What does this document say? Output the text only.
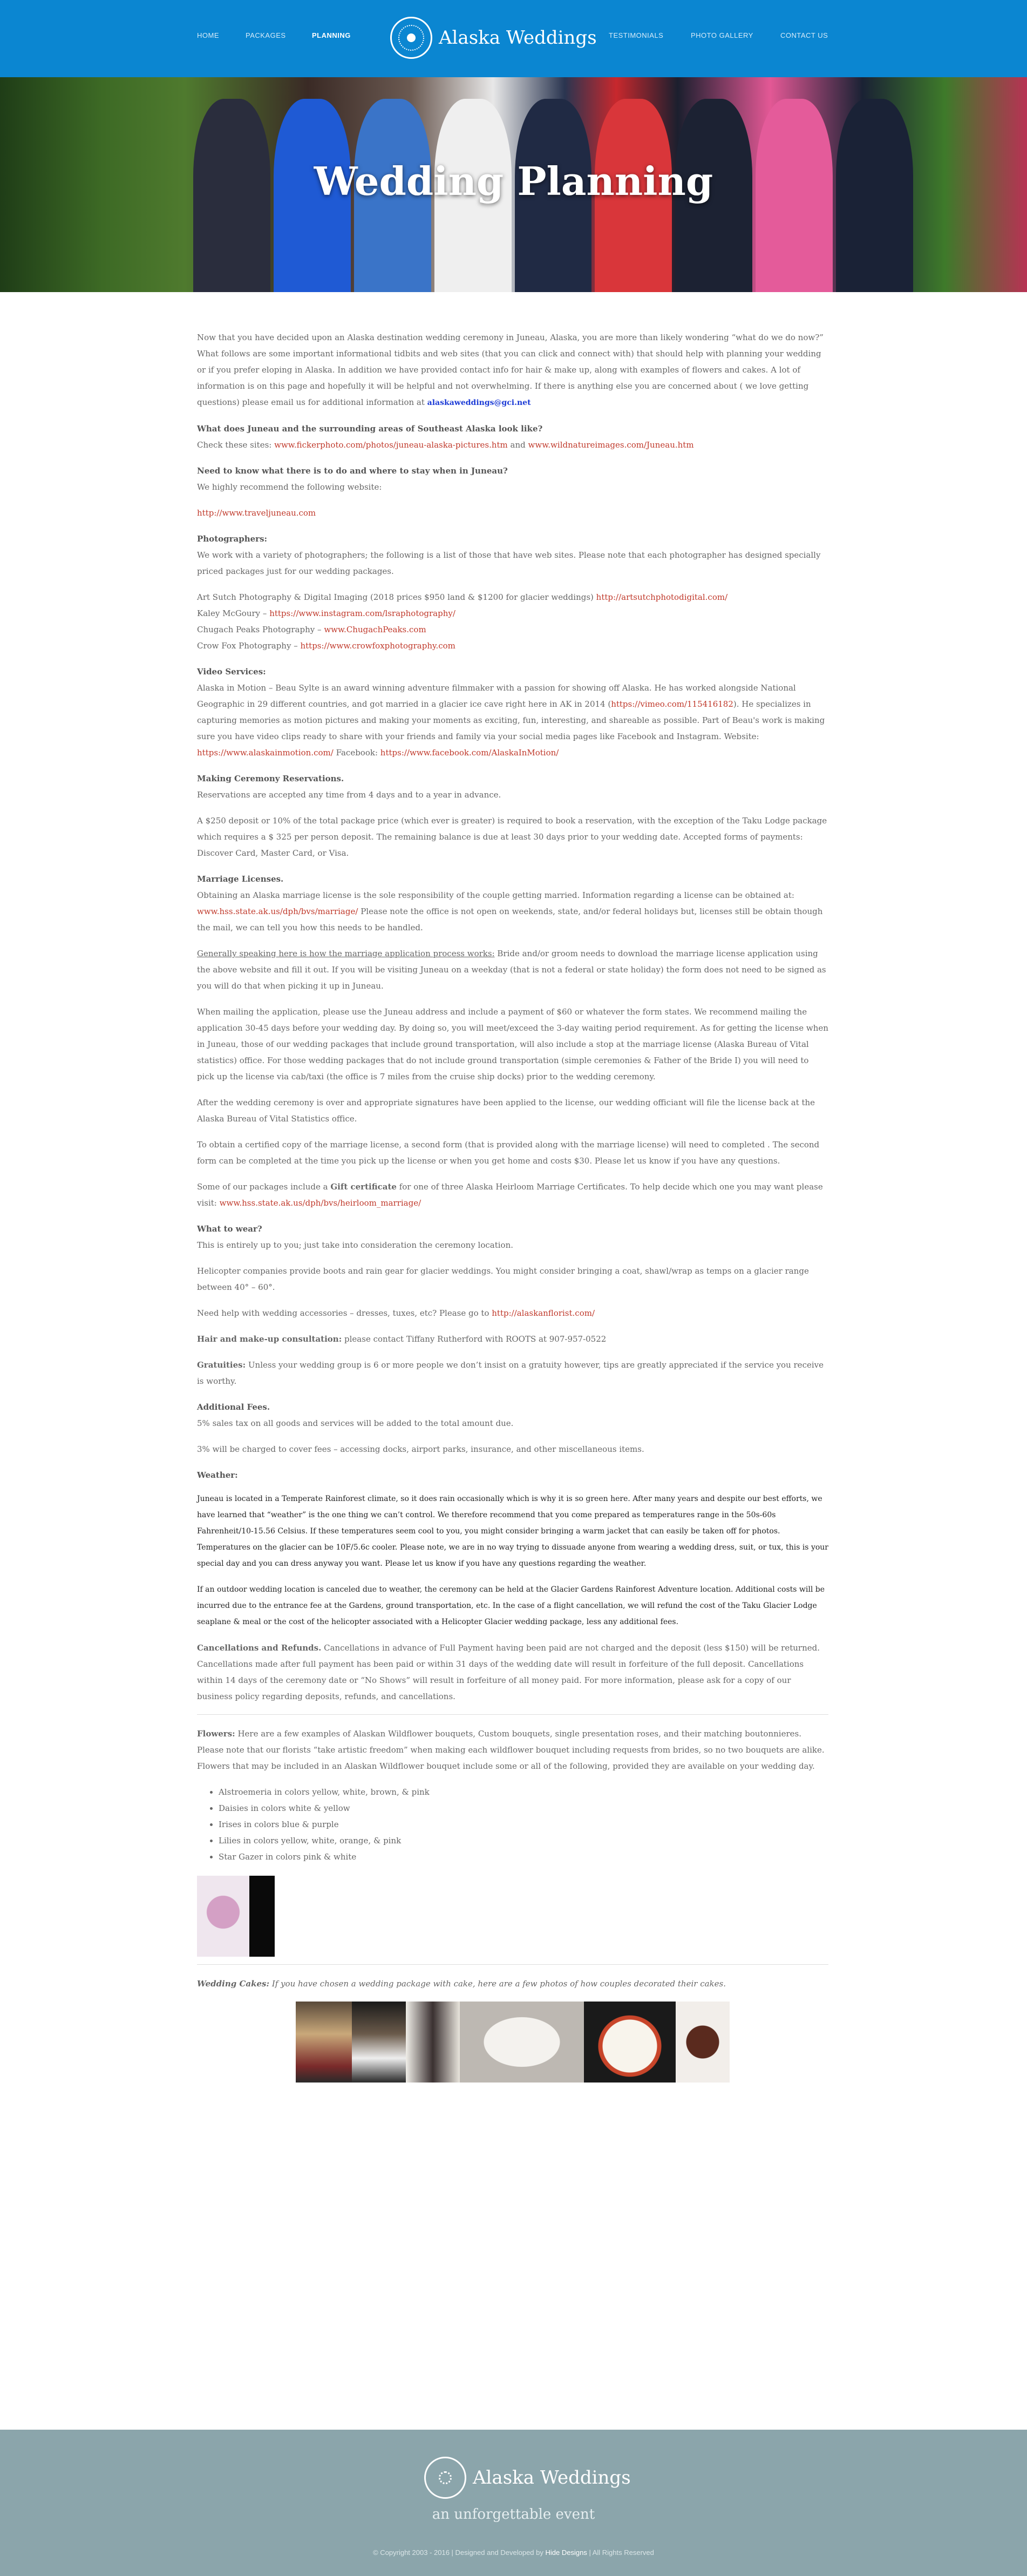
HOME	PACKAGES	PLANNING	TESTIMONIALS	PHOTO GALLERY	CONTACT US
Alaska Weddings
Wedding Planning

Now that you have decided upon an Alaska destination wedding ceremony in Juneau, Alaska, you are more than likely wondering “what do we do now?” What follows are some important informational tidbits and web sites (that you can click and connect with) that should help with planning your wedding or if you prefer eloping in Alaska. In addition we have provided contact info for hair & make up, along with examples of flowers and cakes. A lot of information is on this page and hopefully it will be helpful and not overwhelming. If there is anything else you are concerned about ( we love getting questions) please email us for additional information at alaskaweddings@gci.net

What does Juneau and the surrounding areas of Southeast Alaska look like?

Check these sites: www.fickerphoto.com/photos/juneau-alaska-pictures.htm and www.wildnatureimages.com/Juneau.htm

Need to know what there is to do and where to stay when in Juneau?

We highly recommend the following website:

http://www.traveljuneau.com

Photographers:

We work with a variety of photographers; the following is a list of those that have web sites. Please note that each photographer has designed specially priced packages just for our wedding packages.

Art Sutch Photography & Digital Imaging (2018 prices $950 land & $1200 for glacier weddings) http://artsutchphotodigital.com/

Kaley McGoury – https://www.instagram.com/lsraphotography/

Chugach Peaks Photography – www.ChugachPeaks.com

Crow Fox Photography – https://www.crowfoxphotography.com

Video Services:

Alaska in Motion – Beau Sylte is an award winning adventure filmmaker with a passion for showing off Alaska. He has worked alongside National Geographic in 29 different countries, and got married in a glacier ice cave right here in AK in 2014 (https://vimeo.com/115416182). He specializes in capturing memories as motion pictures and making your moments as exciting, fun, interesting, and shareable as possible. Part of Beau's work is making sure you have video clips ready to share with your friends and family via your social media pages like Facebook and Instagram. Website: https://www.alaskainmotion.com/ Facebook: https://www.facebook.com/AlaskaInMotion/

Making Ceremony Reservations.

Reservations are accepted any time from 4 days and to a year in advance.

A $250 deposit or 10% of the total package price (which ever is greater) is required to book a reservation, with the exception of the Taku Lodge package which requires a $ 325 per person deposit. The remaining balance is due at least 30 days prior to your wedding date. Accepted forms of payments: Discover Card, Master Card, or Visa.

Marriage Licenses.

Obtaining an Alaska marriage license is the sole responsibility of the couple getting married. Information regarding a license can be obtained at: www.hss.state.ak.us/dph/bvs/marriage/ Please note the office is not open on weekends, state, and/or federal holidays but, licenses still be obtain though the mail, we can tell you how this needs to be handled.

Generally speaking here is how the marriage application process works: Bride and/or groom needs to download the marriage license application using the above website and fill it out. If you will be visiting Juneau on a weekday (that is not a federal or state holiday) the form does not need to be signed as you will do that when picking it up in Juneau.

When mailing the application, please use the Juneau address and include a payment of $60 or whatever the form states. We recommend mailing the application 30-45 days before your wedding day. By doing so, you will meet/exceed the 3-day waiting period requirement. As for getting the license when in Juneau, those of our wedding packages that include ground transportation, will also include a stop at the marriage license (Alaska Bureau of Vital statistics) office. For those wedding packages that do not include ground transportation (simple ceremonies & Father of the Bride I) you will need to pick up the license via cab/taxi (the office is 7 miles from the cruise ship docks) prior to the wedding ceremony.

After the wedding ceremony is over and appropriate signatures have been applied to the license, our wedding officiant will file the license back at the Alaska Bureau of Vital Statistics office.

To obtain a certified copy of the marriage license, a second form (that is provided along with the marriage license) will need to completed . The second form can be completed at the time you pick up the license or when you get home and costs $30. Please let us know if you have any questions.

Some of our packages include a Gift certificate for one of three Alaska Heirloom Marriage Certificates. To help decide which one you may want please visit: www.hss.state.ak.us/dph/bvs/heirloom_marriage/

What to wear?

This is entirely up to you; just take into consideration the ceremony location.

Helicopter companies provide boots and rain gear for glacier weddings. You might consider bringing a coat, shawl/wrap as temps on a glacier range between 40° – 60°.

Need help with wedding accessories – dresses, tuxes, etc? Please go to http://alaskanflorist.com/

Hair and make-up consultation: please contact Tiffany Rutherford with ROOTS at 907-957-0522

Gratuities: Unless your wedding group is 6 or more people we don’t insist on a gratuity however, tips are greatly appreciated if the service you receive is worthy.

Additional Fees.

5% sales tax on all goods and services will be added to the total amount due.

3% will be charged to cover fees – accessing docks, airport parks, insurance, and other miscellaneous items.

Weather:

Juneau is located in a Temperate Rainforest climate, so it does rain occasionally which is why it is so green here. After many years and despite our best efforts, we have learned that “weather” is the one thing we can’t control. We therefore recommend that you come prepared as temperatures range in the 50s-60s Fahrenheit/10-15.56 Celsius. If these temperatures seem cool to you, you might consider bringing a warm jacket that can easily be taken off for photos. Temperatures on the glacier can be 10F/5.6c cooler. Please note, we are in no way trying to dissuade anyone from wearing a wedding dress, suit, or tux, this is your special day and you can dress anyway you want. Please let us know if you have any questions regarding the weather.

If an outdoor wedding location is canceled due to weather, the ceremony can be held at the Glacier Gardens Rainforest Adventure location. Additional costs will be incurred due to the entrance fee at the Gardens, ground transportation, etc. In the case of a flight cancellation, we will refund the cost of the Taku Glacier Lodge seaplane & meal or the cost of the helicopter associated with a Helicopter Glacier wedding package, less any additional fees.

Cancellations and Refunds. Cancellations in advance of Full Payment having been paid are not charged and the deposit (less $150) will be returned. Cancellations made after full payment has been paid or within 31 days of the wedding date will result in forfeiture of the full deposit. Cancellations within 14 days of the ceremony date or “No Shows” will result in forfeiture of all money paid. For more information, please ask for a copy of our business policy regarding deposits, refunds, and cancellations.

Flowers: Here are a few examples of Alaskan Wildflower bouquets, Custom bouquets, single presentation roses, and their matching boutonnieres. Please note that our florists “take artistic freedom” when making each wildflower bouquet including requests from brides, so no two bouquets are alike. Flowers that may be included in an Alaskan Wildflower bouquet include some or all of the following, provided they are available on your wedding day.

• Alstroemeria in colors yellow, white, brown, & pink
• Daisies in colors white & yellow
• Irises in colors blue & purple
• Lilies in colors yellow, white, orange, & pink
• Star Gazer in colors pink & white

Wedding Cakes: If you have chosen a wedding package with cake, here are a few photos of how couples decorated their cakes.

Alaska Weddings
an unforgettable event
© Copyright 2003 - 2016 | Designed and Developed by Hide Designs | All Rights Reserved
